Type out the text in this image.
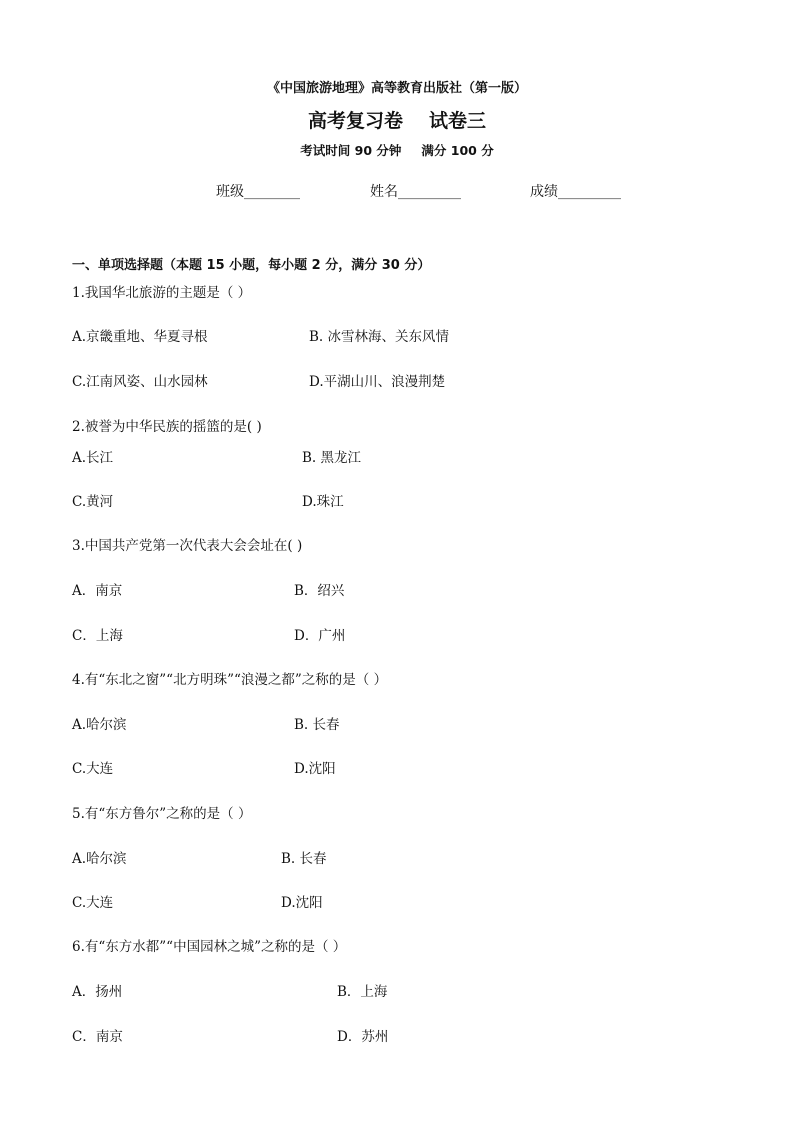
《中国旅游地理》高等教育出版社（第一版）
高考复习卷 试卷三
考试时间 90 分钟 满分 100 分
班级________	姓名_________	成绩_________
一、单项选择题（本题 15 小题，每小题 2 分，满分 30 分）
1.我国华北旅游的主题是（ ）
A.京畿重地、华夏寻根	B. 冰雪林海、关东风情
C.江南风姿、山水园林	D.平湖山川、浪漫荆楚
2.被誉为中华民族的摇篮的是( )
A.长江	B. 黑龙江
C.黄河	D.珠江
3.中国共产党第一次代表大会会址在( )
A．南京	B．绍兴
C．上海	D．广州
4.有“东北之窗”“北方明珠”“浪漫之都”之称的是（ ）
A.哈尔滨	B. 长春
C.大连	D.沈阳
5.有“东方鲁尔”之称的是（ ）
A.哈尔滨	B. 长春
C.大连	D.沈阳
6.有“东方水都”“中国园林之城”之称的是（ ）
A．扬州	B．上海
C．南京	D．苏州
